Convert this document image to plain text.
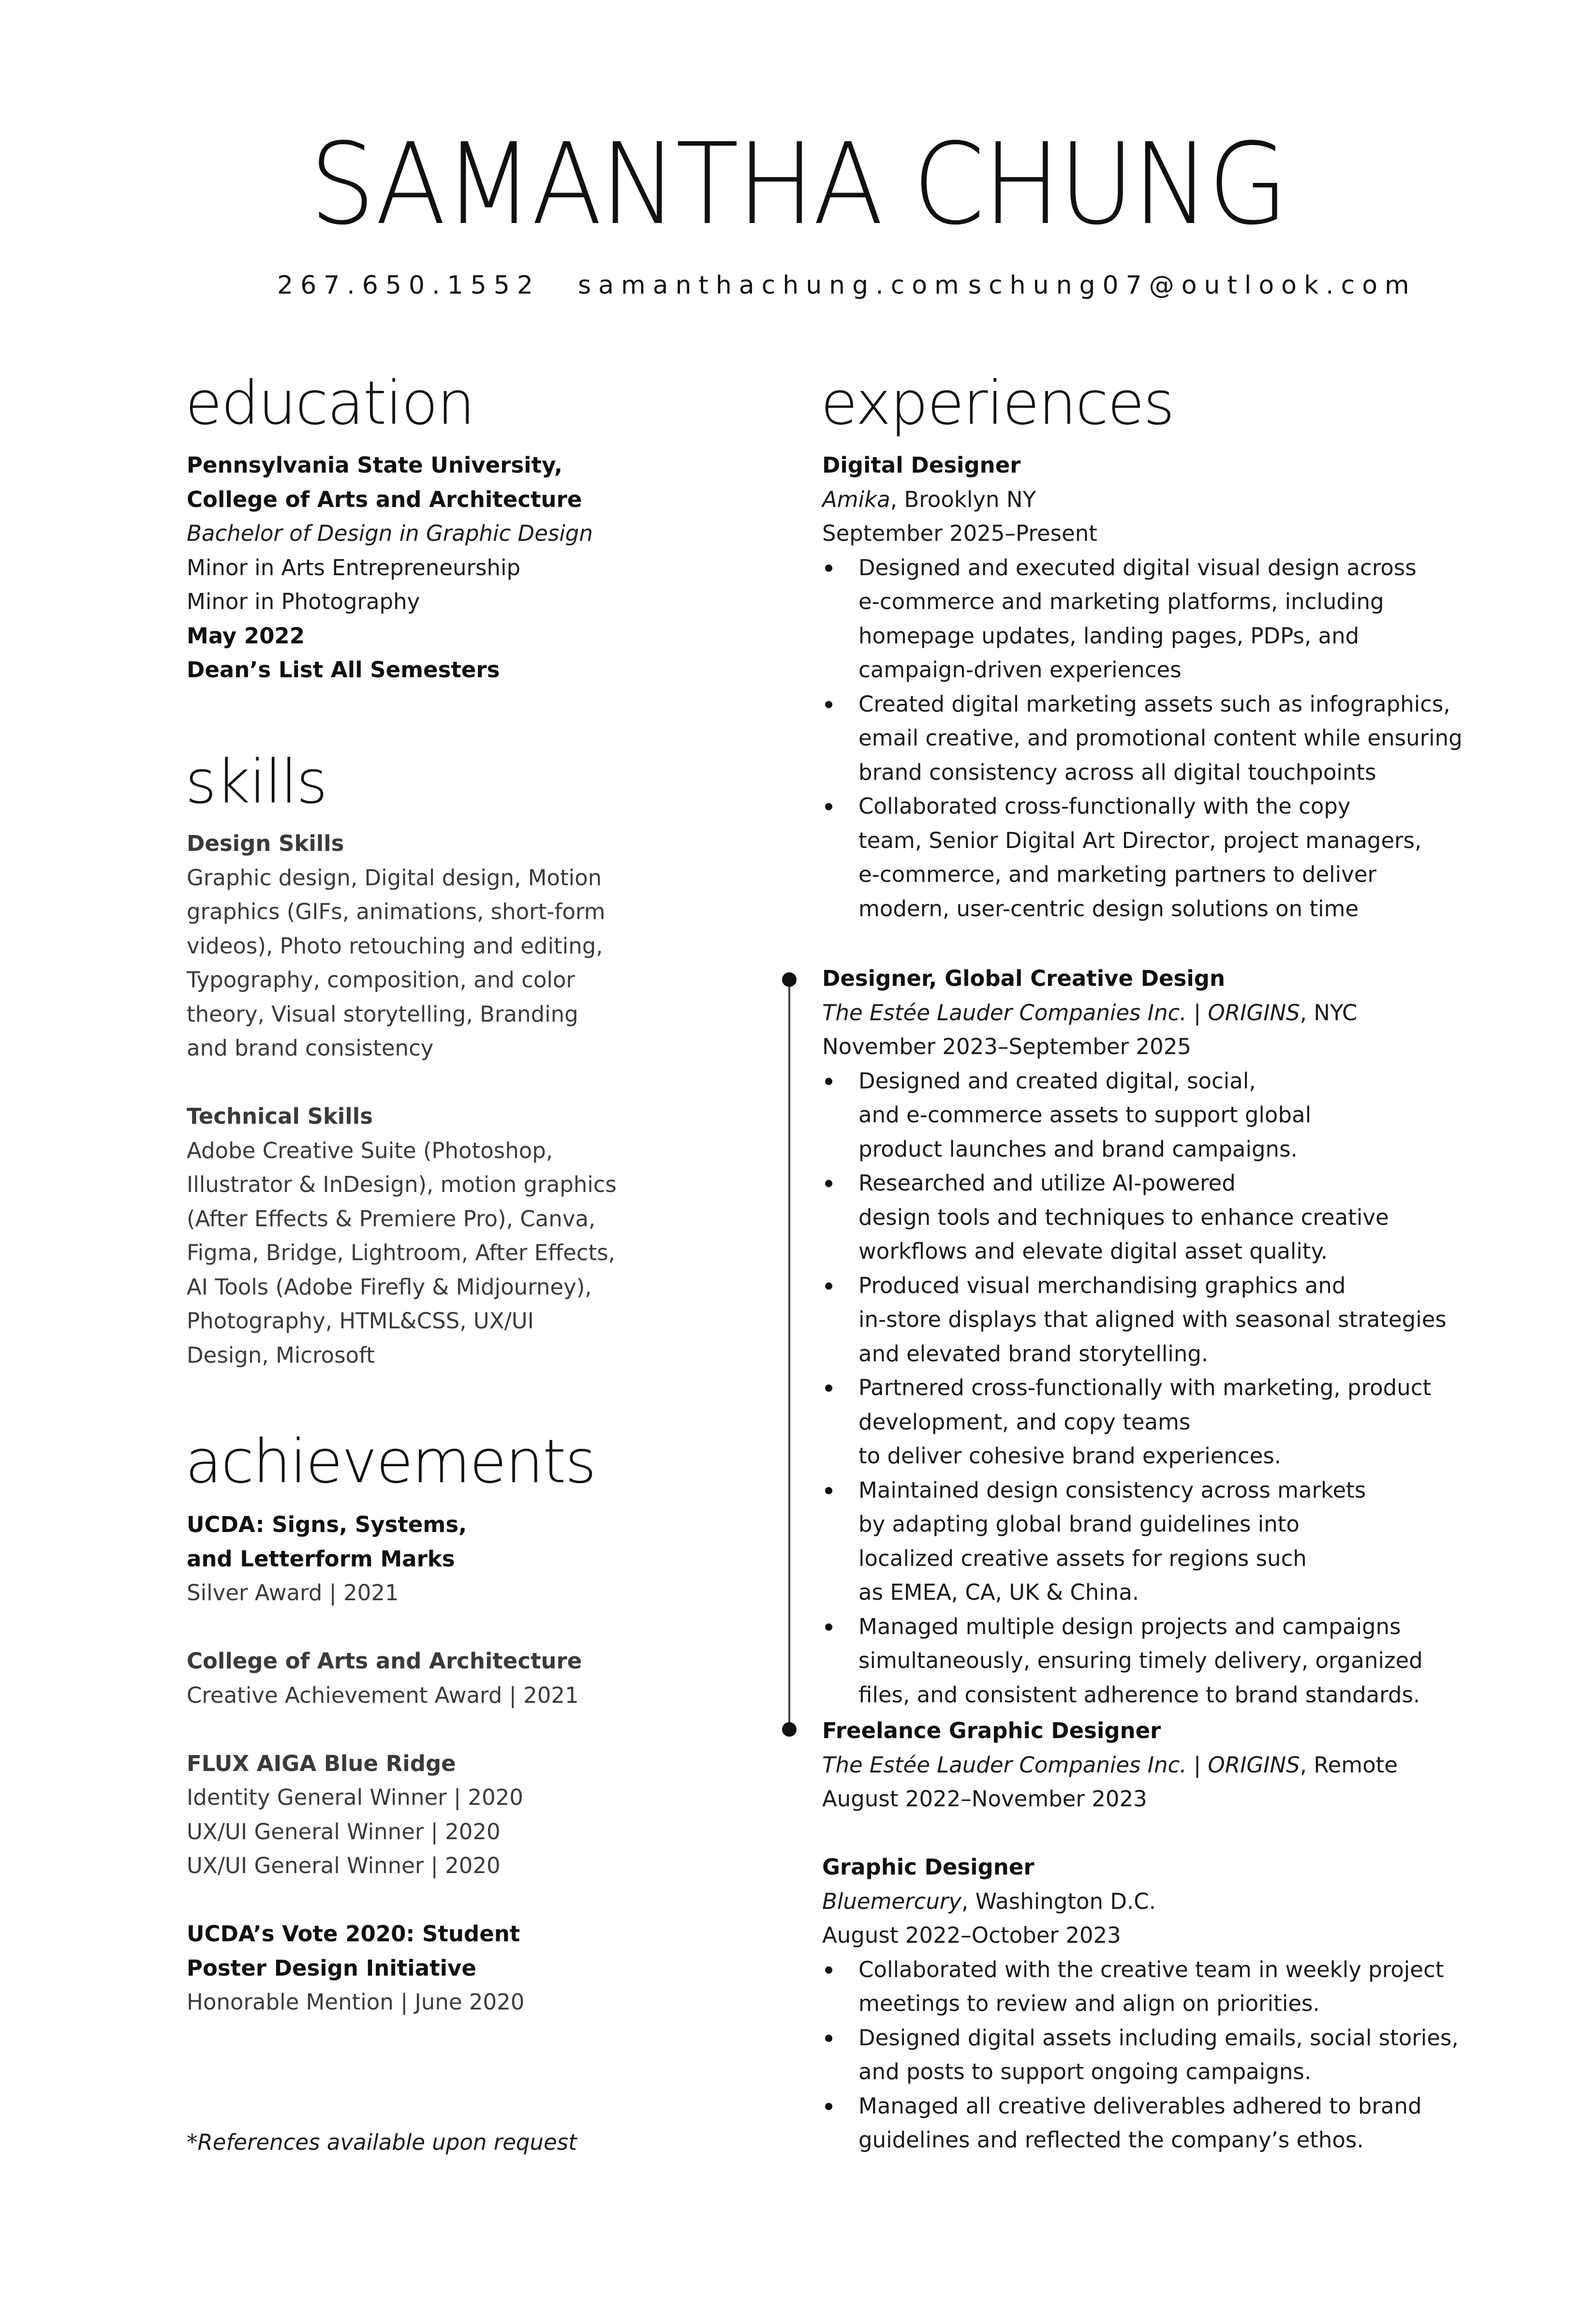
SAMANTHA CHUNG
267.650.1552 samanthachung.com schung07@outlook.com
education
Pennsylvania State University,
College of Arts and Architecture
Bachelor of Design in Graphic Design
Minor in Arts Entrepreneurship
Minor in Photography
May 2022
Dean’s List All Semesters
skills
Design Skills
Graphic design, Digital design, Motion
graphics (GIFs, animations, short-form
videos), Photo retouching and editing,
Typography, composition, and color
theory, Visual storytelling, Branding
and brand consistency
Technical Skills
Adobe Creative Suite (Photoshop,
Illustrator & InDesign), motion graphics
(After Effects & Premiere Pro), Canva,
Figma, Bridge, Lightroom, After Effects,
AI Tools (Adobe Firefly & Midjourney),
Photography, HTML&CSS, UX/UI
Design, Microsoft
achievements
UCDA: Signs, Systems,
and Letterform Marks
Silver Award | 2021
College of Arts and Architecture
Creative Achievement Award | 2021
FLUX AIGA Blue Ridge
Identity General Winner | 2020
UX/UI General Winner | 2020
UX/UI General Winner | 2020
UCDA’s Vote 2020: Student
Poster Design Initiative
Honorable Mention | June 2020
*References available upon request
experiences
Digital Designer
Amika, Brooklyn NY
September 2025–Present
Designed and executed digital visual design across
e-commerce and marketing platforms, including
homepage updates, landing pages, PDPs, and
campaign-driven experiences
Created digital marketing assets such as infographics,
email creative, and promotional content while ensuring
brand consistency across all digital touchpoints
Collaborated cross-functionally with the copy
team, Senior Digital Art Director, project managers,
e-commerce, and marketing partners to deliver
modern, user-centric design solutions on time
Designer, Global Creative Design
The Estée Lauder Companies Inc. | ORIGINS, NYC
November 2023–September 2025
Designed and created digital, social,
and e-commerce assets to support global
product launches and brand campaigns.
Researched and utilize AI-powered
design tools and techniques to enhance creative
workflows and elevate digital asset quality.
Produced visual merchandising graphics and
in-store displays that aligned with seasonal strategies
and elevated brand storytelling.
Partnered cross-functionally with marketing, product
development, and copy teams
to deliver cohesive brand experiences.
Maintained design consistency across markets
by adapting global brand guidelines into
localized creative assets for regions such
as EMEA, CA, UK & China.
Managed multiple design projects and campaigns
simultaneously, ensuring timely delivery, organized
files, and consistent adherence to brand standards.
Freelance Graphic Designer
The Estée Lauder Companies Inc. | ORIGINS, Remote
August 2022–November 2023
Graphic Designer
Bluemercury, Washington D.C.
August 2022–October 2023
Collaborated with the creative team in weekly project
meetings to review and align on priorities.
Designed digital assets including emails, social stories,
and posts to support ongoing campaigns.
Managed all creative deliverables adhered to brand
guidelines and reflected the company’s ethos.
